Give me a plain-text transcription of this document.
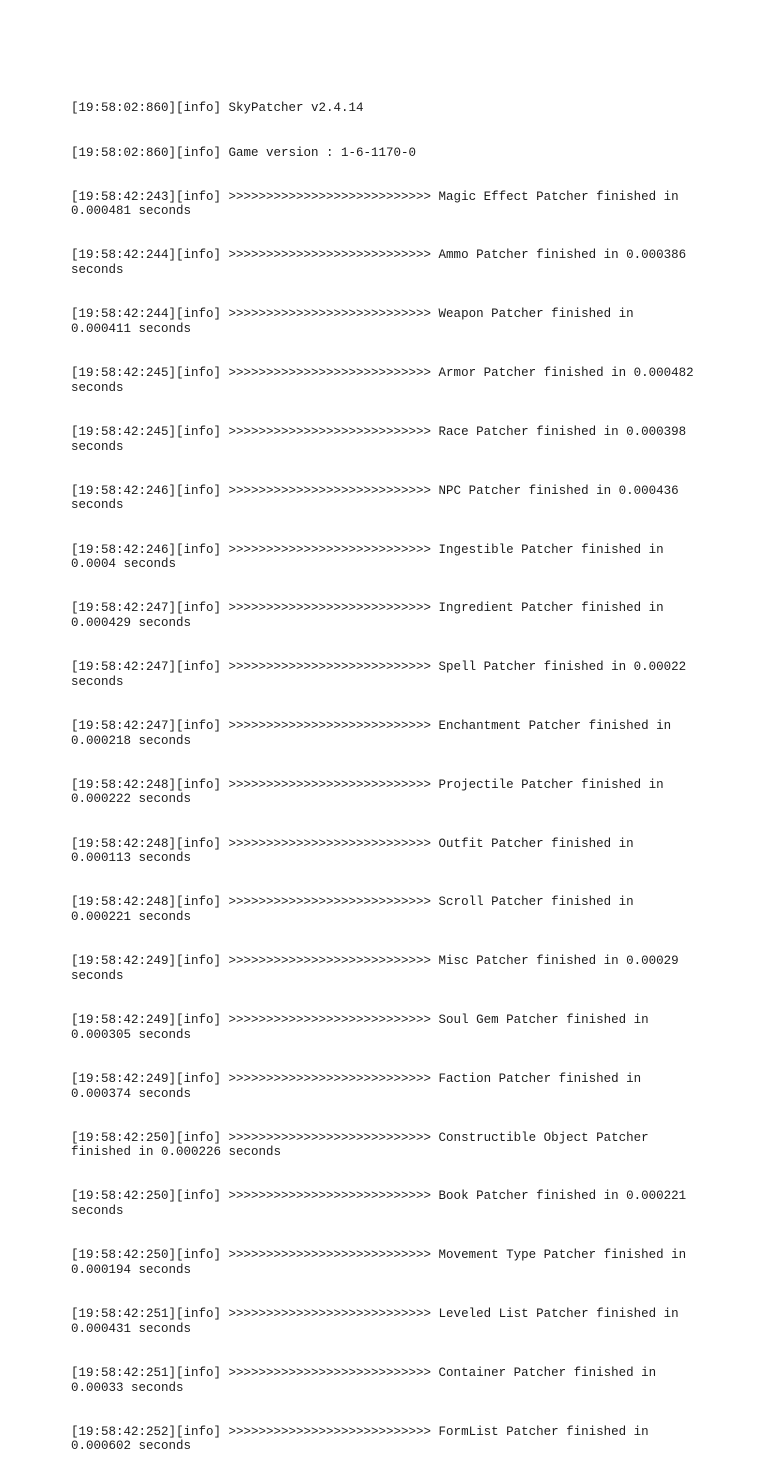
[19:58:02:860][info] SkyPatcher v2.4.14

[19:58:02:860][info] Game version : 1-6-1170-0

[19:58:42:243][info] >>>>>>>>>>>>>>>>>>>>>>>>>>> Magic Effect Patcher finished in
0.000481 seconds

[19:58:42:244][info] >>>>>>>>>>>>>>>>>>>>>>>>>>> Ammo Patcher finished in 0.000386
seconds

[19:58:42:244][info] >>>>>>>>>>>>>>>>>>>>>>>>>>> Weapon Patcher finished in
0.000411 seconds

[19:58:42:245][info] >>>>>>>>>>>>>>>>>>>>>>>>>>> Armor Patcher finished in 0.000482
seconds

[19:58:42:245][info] >>>>>>>>>>>>>>>>>>>>>>>>>>> Race Patcher finished in 0.000398
seconds

[19:58:42:246][info] >>>>>>>>>>>>>>>>>>>>>>>>>>> NPC Patcher finished in 0.000436
seconds

[19:58:42:246][info] >>>>>>>>>>>>>>>>>>>>>>>>>>> Ingestible Patcher finished in
0.0004 seconds

[19:58:42:247][info] >>>>>>>>>>>>>>>>>>>>>>>>>>> Ingredient Patcher finished in
0.000429 seconds

[19:58:42:247][info] >>>>>>>>>>>>>>>>>>>>>>>>>>> Spell Patcher finished in 0.00022
seconds

[19:58:42:247][info] >>>>>>>>>>>>>>>>>>>>>>>>>>> Enchantment Patcher finished in
0.000218 seconds

[19:58:42:248][info] >>>>>>>>>>>>>>>>>>>>>>>>>>> Projectile Patcher finished in
0.000222 seconds

[19:58:42:248][info] >>>>>>>>>>>>>>>>>>>>>>>>>>> Outfit Patcher finished in
0.000113 seconds

[19:58:42:248][info] >>>>>>>>>>>>>>>>>>>>>>>>>>> Scroll Patcher finished in
0.000221 seconds

[19:58:42:249][info] >>>>>>>>>>>>>>>>>>>>>>>>>>> Misc Patcher finished in 0.00029
seconds

[19:58:42:249][info] >>>>>>>>>>>>>>>>>>>>>>>>>>> Soul Gem Patcher finished in
0.000305 seconds

[19:58:42:249][info] >>>>>>>>>>>>>>>>>>>>>>>>>>> Faction Patcher finished in
0.000374 seconds

[19:58:42:250][info] >>>>>>>>>>>>>>>>>>>>>>>>>>> Constructible Object Patcher
finished in 0.000226 seconds

[19:58:42:250][info] >>>>>>>>>>>>>>>>>>>>>>>>>>> Book Patcher finished in 0.000221
seconds

[19:58:42:250][info] >>>>>>>>>>>>>>>>>>>>>>>>>>> Movement Type Patcher finished in
0.000194 seconds

[19:58:42:251][info] >>>>>>>>>>>>>>>>>>>>>>>>>>> Leveled List Patcher finished in
0.000431 seconds

[19:58:42:251][info] >>>>>>>>>>>>>>>>>>>>>>>>>>> Container Patcher finished in
0.00033 seconds

[19:58:42:252][info] >>>>>>>>>>>>>>>>>>>>>>>>>>> FormList Patcher finished in
0.000602 seconds
